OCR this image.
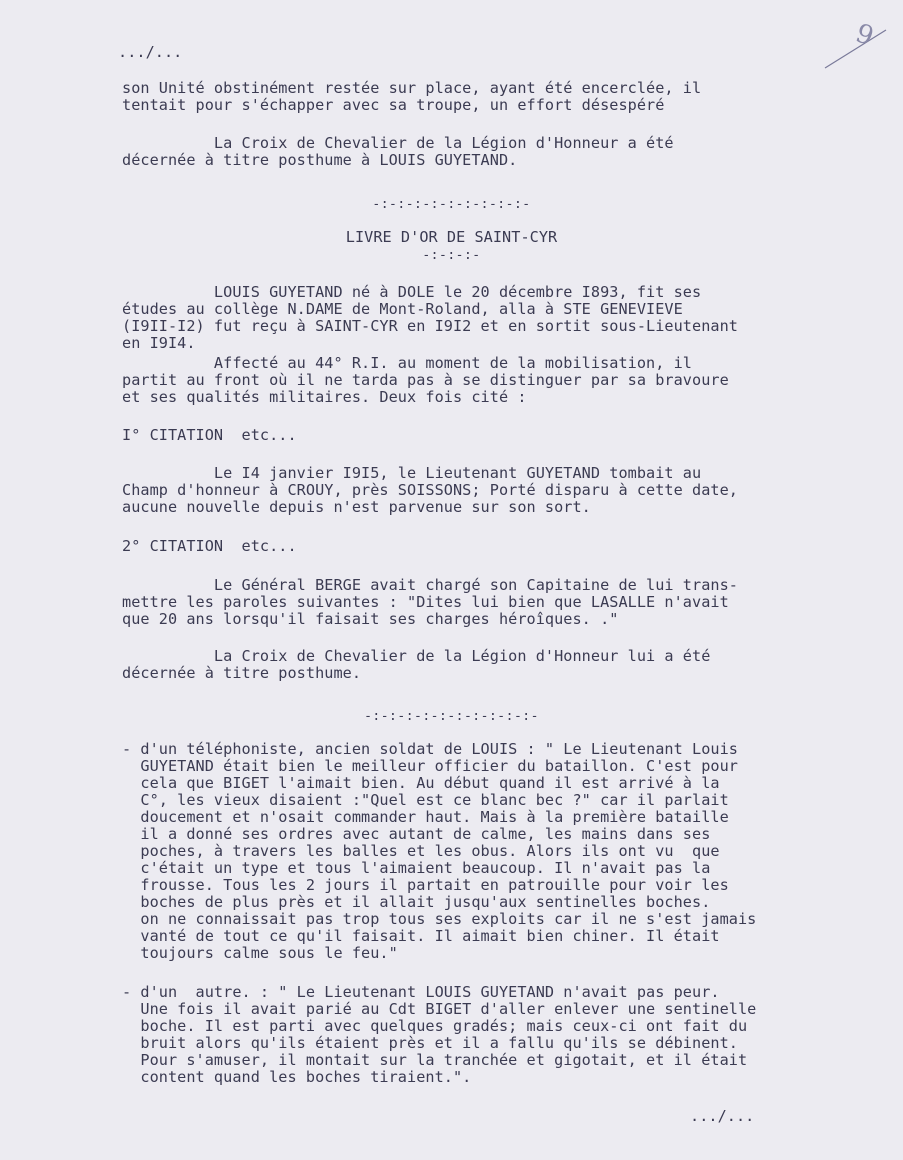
9
.../...
son Unité obstinément restée sur place, ayant été encerclée, il
tentait pour s'échapper avec sa troupe, un effort désespéré
La Croix de Chevalier de la Légion d'Honneur a été
décernée à titre posthume à LOUIS GUYETAND.
-:-:-:-:-:-:-:-:-:-
LIVRE D'OR DE SAINT-CYR
-:-:-:-
LOUIS GUYETAND né à DOLE le 20 décembre I893, fit ses
études au collège N.DAME de Mont-Roland, alla à STE GENEVIEVE
(I9II-I2) fut reçu à SAINT-CYR en I9I2 et en sortit sous-Lieutenant
en I9I4.
Affecté au 44° R.I. au moment de la mobilisation, il
partit au front où il ne tarda pas à se distinguer par sa bravoure
et ses qualités militaires. Deux fois cité :
I° CITATION  etc...
Le I4 janvier I9I5, le Lieutenant GUYETAND tombait au
Champ d'honneur à CROUY, près SOISSONS; Porté disparu à cette date,
aucune nouvelle depuis n'est parvenue sur son sort.
2° CITATION  etc...
Le Général BERGE avait chargé son Capitaine de lui trans-
mettre les paroles suivantes : "Dites lui bien que LASALLE n'avait
que 20 ans lorsqu'il faisait ses charges héroîques. ."
La Croix de Chevalier de la Légion d'Honneur lui a été
décernée à titre posthume.
-:-:-:-:-:-:-:-:-:-:-
- d'un téléphoniste, ancien soldat de LOUIS : " Le Lieutenant Louis
GUYETAND était bien le meilleur officier du bataillon. C'est pour
cela que BIGET l'aimait bien. Au début quand il est arrivé à la
C°, les vieux disaient :"Quel est ce blanc bec ?" car il parlait
doucement et n'osait commander haut. Mais à la première bataille
il a donné ses ordres avec autant de calme, les mains dans ses
poches, à travers les balles et les obus. Alors ils ont vu  que
c'était un type et tous l'aimaient beaucoup. Il n'avait pas la
frousse. Tous les 2 jours il partait en patrouille pour voir les
boches de plus près et il allait jusqu'aux sentinelles boches.
on ne connaissait pas trop tous ses exploits car il ne s'est jamais
vanté de tout ce qu'il faisait. Il aimait bien chiner. Il était
toujours calme sous le feu."
- d'un  autre. : " Le Lieutenant LOUIS GUYETAND n'avait pas peur.
Une fois il avait parié au Cdt BIGET d'aller enlever une sentinelle
boche. Il est parti avec quelques gradés; mais ceux-ci ont fait du
bruit alors qu'ils étaient près et il a fallu qu'ils se débinent.
Pour s'amuser, il montait sur la tranchée et gigotait, et il était
content quand les boches tiraient.".
.../...
